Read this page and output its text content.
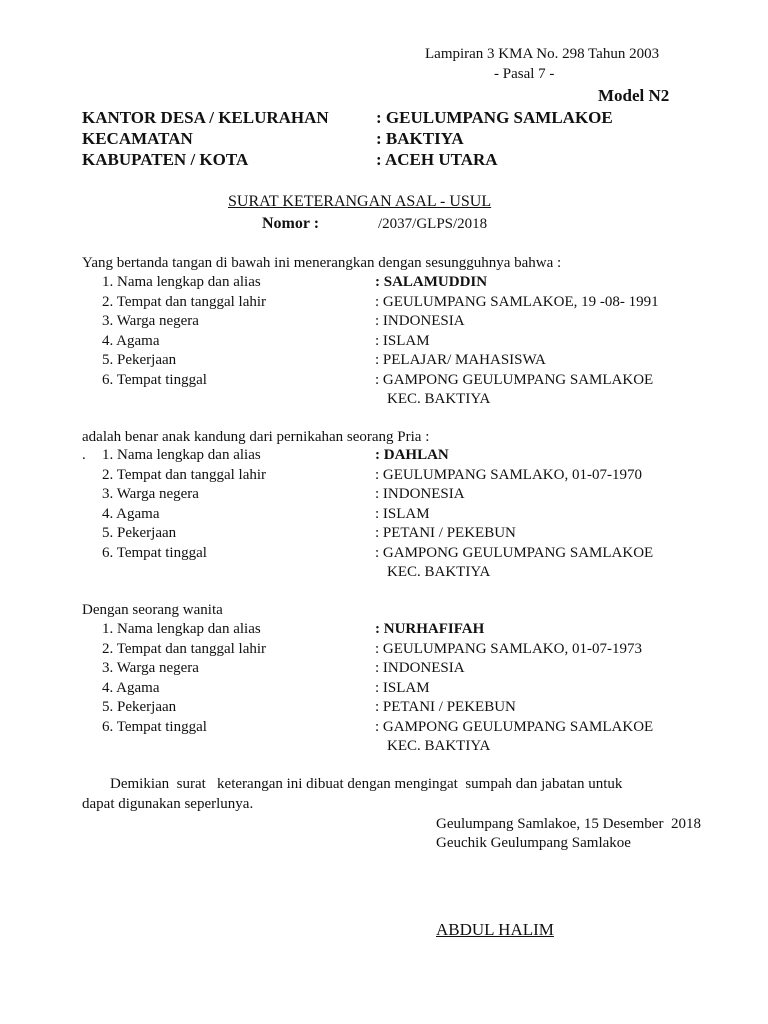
Lampiran 3 KMA No. 298 Tahun 2003
- Pasal 7 -
Model N2
KANTOR DESA / KELURAHAN	: GEULUMPANG SAMLAKOE
KECAMATAN	: BAKTIYA
KABUPATEN / KOTA	: ACEH UTARA
SURAT KETERANGAN ASAL - USUL
Nomor :	/2037/GLPS/2018
Yang bertanda tangan di bawah ini menerangkan dengan sesungguhnya bahwa :
1. Nama lengkap dan alias	: SALAMUDDIN
2. Tempat dan tanggal lahir	: GEULUMPANG SAMLAKOE, 19 -08- 1991
3. Warga negera	: INDONESIA
4. Agama	: ISLAM
5. Pekerjaan	: PELAJAR/ MAHASISWA
6. Tempat tinggal	: GAMPONG GEULUMPANG SAMLAKOE
KEC. BAKTIYA
adalah benar anak kandung dari pernikahan seorang Pria :
. 1. Nama lengkap dan alias	: DAHLAN
2. Tempat dan tanggal lahir	: GEULUMPANG SAMLAKO, 01-07-1970
3. Warga negera	: INDONESIA
4. Agama	: ISLAM
5. Pekerjaan	: PETANI / PEKEBUN
6. Tempat tinggal	: GAMPONG GEULUMPANG SAMLAKOE
KEC. BAKTIYA
Dengan seorang wanita
1. Nama lengkap dan alias	: NURHAFIFAH
2. Tempat dan tanggal lahir	: GEULUMPANG SAMLAKO, 01-07-1973
3. Warga negera	: INDONESIA
4. Agama	: ISLAM
5. Pekerjaan	: PETANI / PEKEBUN
6. Tempat tinggal	: GAMPONG GEULUMPANG SAMLAKOE
KEC. BAKTIYA
Demikian  surat   keterangan ini dibuat dengan mengingat  sumpah dan jabatan untuk
dapat digunakan seperlunya.
Geulumpang Samlakoe, 15 Desember  2018
Geuchik Geulumpang Samlakoe
ABDUL HALIM
